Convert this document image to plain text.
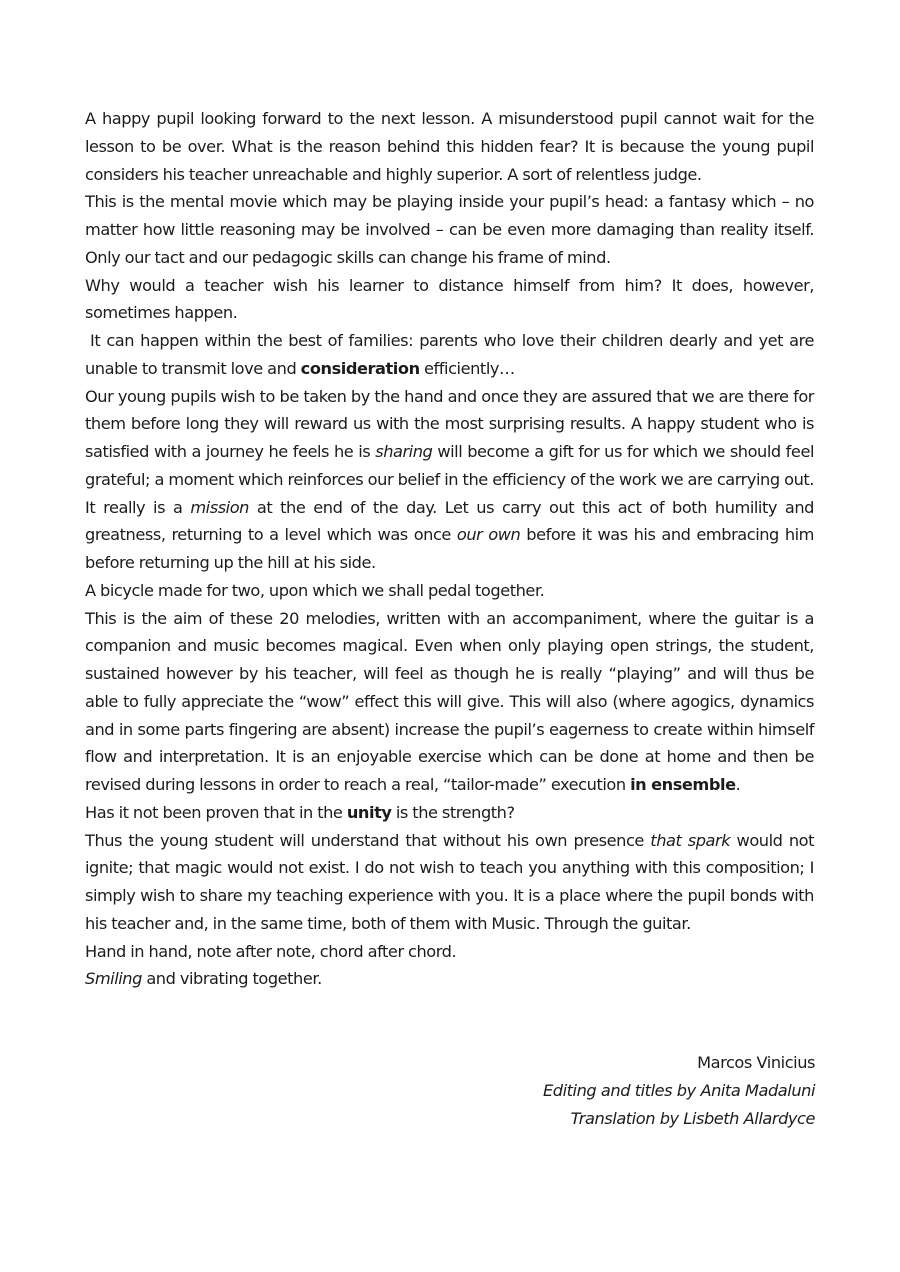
A happy pupil looking forward to the next lesson. A misunderstood pupil cannot wait for the lesson to be over. What is the reason behind this hidden fear? It is because the young pupil considers his teacher unreachable and highly superior. A sort of relentless judge.

This is the mental movie which may be playing inside your pupil’s head: a fantasy which – no matter how little reasoning may be involved – can be even more damaging than reality itself. Only our tact and our pedagogic skills can change his frame of mind.

Why would a teacher wish his learner to distance himself from him? It does, however, sometimes happen.

It can happen within the best of families: parents who love their children dearly and yet are unable to transmit love and consideration efficiently…

Our young pupils wish to be taken by the hand and once they are assured that we are there for them before long they will reward us with the most surprising results. A happy student who is satisfied with a journey he feels he is sharing will become a gift for us for which we should feel grateful; a moment which reinforces our belief in the efficiency of the work we are carrying out. It really is a mission at the end of the day. Let us carry out this act of both humility and greatness, returning to a level which was once our own before it was his and embracing him before returning up the hill at his side.

A bicycle made for two, upon which we shall pedal together.

This is the aim of these 20 melodies, written with an accompaniment, where the guitar is a companion and music becomes magical. Even when only playing open strings, the student, sustained however by his teacher, will feel as though he is really “playing” and will thus be able to fully appreciate the “wow” effect this will give. This will also (where agogics, dynamics and in some parts fingering are absent) increase the pupil’s eagerness to create within himself flow and interpretation. It is an enjoyable exercise which can be done at home and then be revised during lessons in order to reach a real, “tailor-made” execution in ensemble.

Has it not been proven that in the unity is the strength?

Thus the young student will understand that without his own presence that spark would not ignite; that magic would not exist. I do not wish to teach you anything with this composition; I simply wish to share my teaching experience with you. It is a place where the pupil bonds with his teacher and, in the same time, both of them with Music. Through the guitar.

Hand in hand, note after note, chord after chord.

Smiling and vibrating together.

Marcos Vinicius
Editing and titles by Anita Madaluni
Translation by Lisbeth Allardyce
